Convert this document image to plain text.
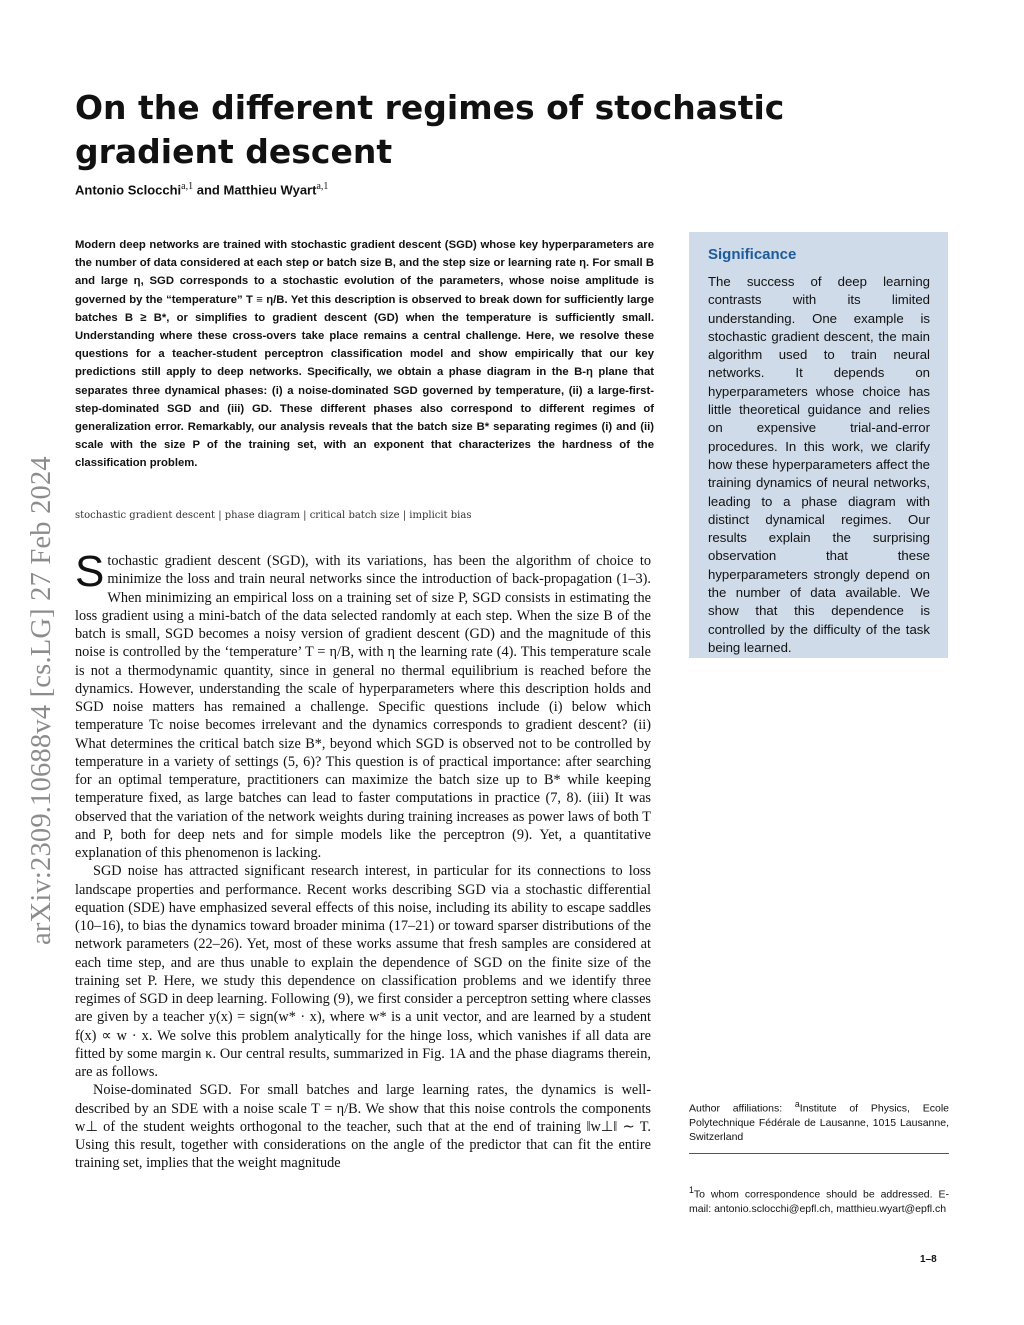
arXiv:2309.10688v4 [cs.LG] 27 Feb 2024
On the different regimes of stochastic gradient descent
Antonio Sclocchi$^{a,1}$ and Matthieu Wyart$^{a,1}$

Modern deep networks are trained with stochastic gradient descent (SGD) whose key hyperparameters are the number of data considered at each step or batch size B, and the step size or learning rate η. For small B and large η, SGD corresponds to a stochastic evolution of the parameters, whose noise amplitude is governed by the “temperature” T ≡ η/B. Yet this description is observed to break down for sufficiently large batches B ≥ B*, or simplifies to gradient descent (GD) when the temperature is sufficiently small. Understanding where these cross-overs take place remains a central challenge. Here, we resolve these questions for a teacher-student perceptron classification model and show empirically that our key predictions still apply to deep networks. Specifically, we obtain a phase diagram in the B-η plane that separates three dynamical phases: (i) a noise-dominated SGD governed by temperature, (ii) a large-first-step-dominated SGD and (iii) GD. These different phases also correspond to different regimes of generalization error. Remarkably, our analysis reveals that the batch size B* separating regimes (i) and (ii) scale with the size P of the training set, with an exponent that characterizes the hardness of the classification problem.

stochastic gradient descent | phase diagram | critical batch size | implicit bias

Stochastic gradient descent (SGD), with its variations, has been the algorithm of choice to minimize the loss and train neural networks since the introduction of back-propagation (1–3). When minimizing an empirical loss on a training set of size P, SGD consists in estimating the loss gradient using a mini-batch of the data selected randomly at each step. When the size B of the batch is small, SGD becomes a noisy version of gradient descent (GD) and the magnitude of this noise is controlled by the ‘temperature’ T = η/B, with η the learning rate (4). This temperature scale is not a thermodynamic quantity, since in general no thermal equilibrium is reached before the dynamics. However, understanding the scale of hyperparameters where this description holds and SGD noise matters has remained a challenge. Specific questions include (i) below which temperature Tc noise becomes irrelevant and the dynamics corresponds to gradient descent? (ii) What determines the critical batch size B*, beyond which SGD is observed not to be controlled by temperature in a variety of settings (5, 6)? This question is of practical importance: after searching for an optimal temperature, practitioners can maximize the batch size up to B* while keeping temperature fixed, as large batches can lead to faster computations in practice (7, 8). (iii) It was observed that the variation of the network weights during training increases as power laws of both T and P, both for deep nets and for simple models like the perceptron (9). Yet, a quantitative explanation of this phenomenon is lacking.

SGD noise has attracted significant research interest, in particular for its connections to loss landscape properties and performance. Recent works describing SGD via a stochastic differential equation (SDE) have emphasized several effects of this noise, including its ability to escape saddles (10–16), to bias the dynamics toward broader minima (17–21) or toward sparser distributions of the network parameters (22–26). Yet, most of these works assume that fresh samples are considered at each time step, and are thus unable to explain the dependence of SGD on the finite size of the training set P. Here, we study this dependence on classification problems and we identify three regimes of SGD in deep learning. Following (9), we first consider a perceptron setting where classes are given by a teacher y(x) = sign(w* · x), where w* is a unit vector, and are learned by a student f(x) ∝ w · x. We solve this problem analytically for the hinge loss, which vanishes if all data are fitted by some margin κ. Our central results, summarized in Fig. 1A and the phase diagrams therein, are as follows.

Noise-dominated SGD. For small batches and large learning rates, the dynamics is well-described by an SDE with a noise scale T = η/B. We show that this noise controls the components w⊥ of the student weights orthogonal to the teacher, such that at the end of training ‖w⊥‖ ∼ T. Using this result, together with considerations on the angle of the predictor that can fit the entire training set, implies that the weight magnitude

Significance

The success of deep learning contrasts with its limited understanding. One example is stochastic gradient descent, the main algorithm used to train neural networks. It depends on hyperparameters whose choice has little theoretical guidance and relies on expensive trial-and-error procedures. In this work, we clarify how these hyperparameters affect the training dynamics of neural networks, leading to a phase diagram with distinct dynamical regimes. Our results explain the surprising observation that these hyperparameters strongly depend on the number of data available. We show that this dependence is controlled by the difficulty of the task being learned.

Author affiliations: $^a$Institute of Physics, Ecole Polytechnique Fédérale de Lausanne, 1015 Lausanne, Switzerland

$^1$To whom correspondence should be addressed. E-mail: antonio.sclocchi@epfl.ch, matthieu.wyart@epfl.ch

1–8
